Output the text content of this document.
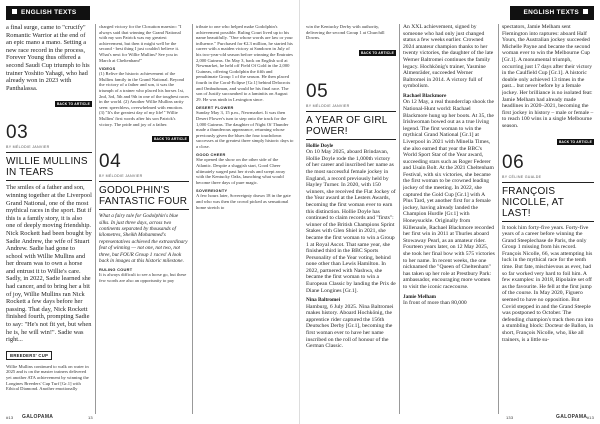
ENGLISH TEXTS

a final surge, came to "crucify" Romantic Warrior at the end of an epic mano a mano. Setting a new race record in the process, Forever Young thus offered a second Saudi Cup triumph to his trainer Yoshito Yahagi, who had already won in 2023 with Panthalassa.

BACK TO ARTICLE
03
BY MÉLODIE JANVIER
WILLIE MULLINS IN TEARS

The smiles of a father and son, winning together at the Liverpool Grand National, one of the most mythical races in the sport. But if this is a family story, it is also one of deeply moving friendship. Nick Rockett had been bought by Sadie Andrew, the wife of Stuart Andrew. Sadie had gone to school with Willie Mullins and her dream was to own a horse and entrust it to Willie's care. Sadly, in 2022, Sadie learned she had cancer, and to bring her a bit of joy, Willie Mullins ran Nick Rockett a few days before her passing. That day, Nick Rockett finished fourth, prompting Sadie to say: "He's not fit yet, but when he is, he will win!". Sadie was right...

BREEDERS' CUP

Willie Mullins continued to walk on water in 2025 and is on the master trainers delivered yet another ATA achievement by winning the Longines Breeders' Cup Turf [Gr.1] with Ethical Diamond. Another emotionally

charged victory for the Closutton maestro: "I always said that winning the Grand National with my son Patrick was my greatest achievement, but then it might well be the second - best thing I just couldn't believe it. What's next for Willie Mullins? See you in March at Cheltenham!"

VIDEOS

(1) Relive the historic achievement of the Mullins family in the Grand National. Beyond the victory of a father and son, it was the triumph of a trainer who placed his horses 1st, 2nd, 3rd, 5th and 9th in one of the toughest races in the world. (2) Another Willie Mullins rarity seen: speechless, overwhelmed with emotion. (3) "It's the greatest day of my life!" Willie Mullins' first words after his son Patrick's victory. The pride and joy of a father.

BACK TO ARTICLE
04
BY MÉLODIE JANVIER
GODOLPHIN'S FANTASTIC FOUR

What a fairy tale for Godolphin's blue silks. In just three days, across two continents separated by thousands of kilometres, Sheikh Mohammed's representatives achieved the extraordinary feat of winning — not one, not two, not three, but FOUR Group 1 races! A look back in images at this historic milestone.

RULING COURT

It is always difficult to see a horse go, but these few words are also an opportunity to pay

tribute to one who helped make Godolphin's achievement possible. Ruling Court lived up to his name beautifully. "One whose words are law or your influence." Purchased for €2.3 million, he started his career with a maiden victory at Sandown in July of his two-year-old season before winning the Emirates 2,000 Guineas. On May 3, back on English soil at Newmarket, he held off Field Of Gold in the 2,000 Guineas, offering Godolphin the fifth and penultimate Group 1 of the season. He then placed fourth in the Coral-Eclipse [Gr.1] behind Delacroix and Ombudsman, and would be his final race. The son of Justify succumbed to a laminitis on August 29. He was ninth in Lexington since.

DESERT FLOWER

Sunday May 3, 15 p.m., Newmarket. It was then Desert Flower's turn to step onto the track for the 1,000 Guineas. The daughter of Night Of Thunder made a thunderous appearance, returning whose previously given the blues the four touchdown successes at the greatest three simply historic days to a close.

GOOD CHEER

She opened the show on the other side of the Atlantic. Despite a sluggish start, Good Cheer ultimately surged past her rivals and swept away with the Kentucky Oaks, launching what would become three days of pure magic.

SOVEREIGNTY

A few hours later, Sovereignty drawn 18 in the gate and who was then the crowd picked as sensational home stretch to

#13 GALOPAMA	13
ENGLISH TEXTS

win the Kentucky Derby with authority, delivering the second Group 1 at Churchill Downs.

BACK TO ARTICLE
05
BY MÉLODIE JANVIER
A YEAR OF GIRL POWER!
Hollie Doyle

On 10 May 2025, aboard Brindavan, Hollie Doyle rode the 1,000th victory of her career and inscribed her name as the most successful female jockey in England, a record previously held by Hayley Turner. In 2020, with 150 winners, she received the Flat Jockey of the Year award at the Lesters Awards, becoming the first woman ever to earn this distinction. Hollie Doyle has continued to claim records and "firsts": winner of the British Champions Sprint Stakes with Glen Shiel in 2021, she became the first woman to win a Group 1 at Royal Ascot. That same year, she finished third in the BBC Sports Personality of the Year voting, behind none other than Lewis Hamilton. In 2022, partnered with Nashwa, she became the first woman to win a European Classic by landing the Prix de Diane Longines [Gr.1].

Nina Baltromei

Hamburg, 6 July 2025. Nina Baltromei makes history. Aboard Hochkönig, the apprentice rider captured the 156th Deutsches Derby [Gr.1], becoming the first woman ever to have her name inscribed on the roll of honour of the German Classic.

An XXL achievement, signed by someone who had only just changed status a few weeks earlier. Crowned 2024 amateur champion thanks to her twenty victories, the daughter of the late Werner Baltromei continues the family legacy. Hochkönig's trainer, Yasmine Almenräder, succeeded Werner Baltromei in 2014. A victory full of symbolism.

Rachael Blackmore

On 12 May, a real thunderclap shook the National-Hunt world: Rachael Blackmore hung up her boots. At 35, the Irishwoman bowed out as a true living legend. The first woman to win the mythical Grand National [Gr.1] at Liverpool in 2021 with Minella Times, she also earned that year the BBC's World Sport Star of the Year award, succeeding stars such as Roger Federer and Usain Bolt. At the 2021 Cheltenham Festival, with six victories, she became the first woman to be crowned leading jockey of the meeting. In 2022, she captured the Gold Cup [Gr.1] with A Plus Tard, yet another first for a female jockey, having already landed the Champion Hurdle [Gr.1] with Honeysuckle. Originally from Killenaule, Rachael Blackmore recorded her first win in 2011 at Thurles aboard Stowaway Pearl, as an amateur rider. Fourteen years later, on 12 May 2025, she took her final bow with 575 victories to her name. In recent weeks, the one nicknamed the "Queen of Cheltenham" has taken up her role at Prestbury Park: ambassador, encouraging more women to visit the iconic racecourse.

Jamie Melham

In front of more than 80,000

spectators, Jamie Melham sent Flemington into raptures: aboard Half Yours, the Australian jockey succeeded Michelle Payne and became the second woman ever to win the Melbourne Cup [Gr.1]. A monumental triumph, occurring just 17 days after their victory in the Caulfield Cup [Gr.1]. A historic double only achieved 13 times in the past... but never before by a female jockey. Her brilliance is no isolated feat: Jamie Melham had already made headlines in 2020–2021, becoming the first jockey in history – male or female – to reach 100 wins in a single Melbourne season.

BACK TO ARTICLE
06
BY CÉLINE GUALDE
FRANÇOIS NICOLLE, AT LAST!

It took him forty-five years. Forty-five years of a career before winning the Grand Steeplechase de Paris, the only Group 1 missing from his record. François Nicolle, 66, was attempting his luck in the mythical race for the tenth time. But fate, mischievous as ever, had so far worked very hard to foil him. A few examples: in 2018, Bipolaire set off as the favourite. He fell at the first jump of the course. In May 2020, Figuero seemed to have no opposition. But Covid stepped in and the Grand Steeple was postponed to October. The defending champion's track then ran into a stumbling block: Docteur de Ballon, in short, François Nicolle, who, like all trainers, is a little su-

133	GALOPAMA #13
